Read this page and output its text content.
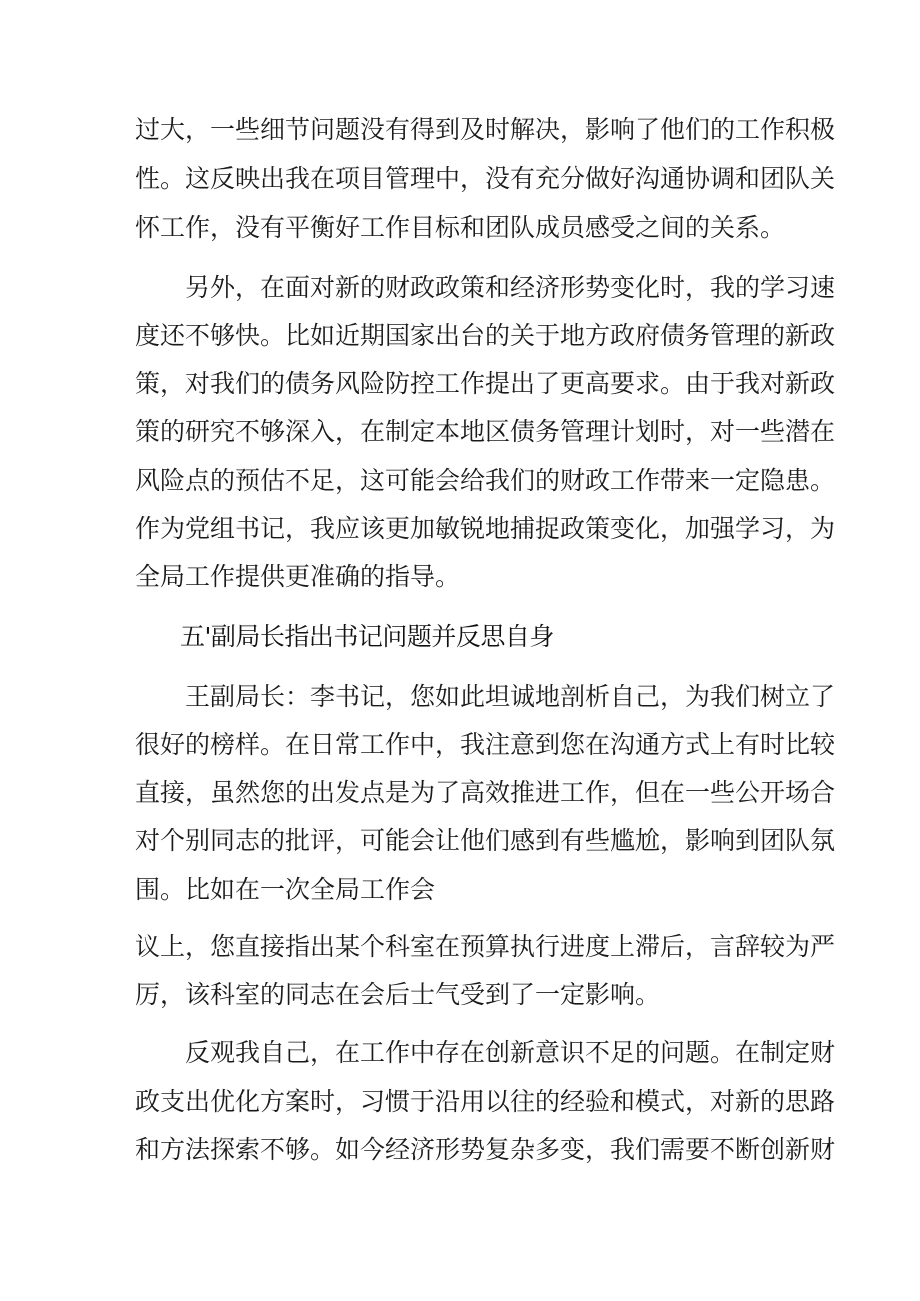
过大，一些细节问题没有得到及时解决，影响了他们的工作积极
性。这反映出我在项目管理中，没有充分做好沟通协调和团队关
怀工作，没有平衡好工作目标和团队成员感受之间的关系。
另外，在面对新的财政政策和经济形势变化时，我的学习速
度还不够快。比如近期国家出台的关于地方政府债务管理的新政
策，对我们的债务风险防控工作提出了更高要求。由于我对新政
策的研究不够深入，在制定本地区债务管理计划时，对一些潜在
风险点的预估不足，这可能会给我们的财政工作带来一定隐患。
作为党组书记，我应该更加敏锐地捕捉政策变化，加强学习，为
全局工作提供更准确的指导。
五'副局长指出书记问题并反思自身
王副局长：李书记，您如此坦诚地剖析自己，为我们树立了
很好的榜样。在日常工作中，我注意到您在沟通方式上有时比较
直接，虽然您的出发点是为了高效推进工作，但在一些公开场合
对个别同志的批评，可能会让他们感到有些尴尬，影响到团队氛
围。比如在一次全局工作会
议上，您直接指出某个科室在预算执行进度上滞后，言辞较为严
厉，该科室的同志在会后士气受到了一定影响。
反观我自己，在工作中存在创新意识不足的问题。在制定财
政支出优化方案时，习惯于沿用以往的经验和模式，对新的思路
和方法探索不够。如今经济形势复杂多变，我们需要不断创新财
